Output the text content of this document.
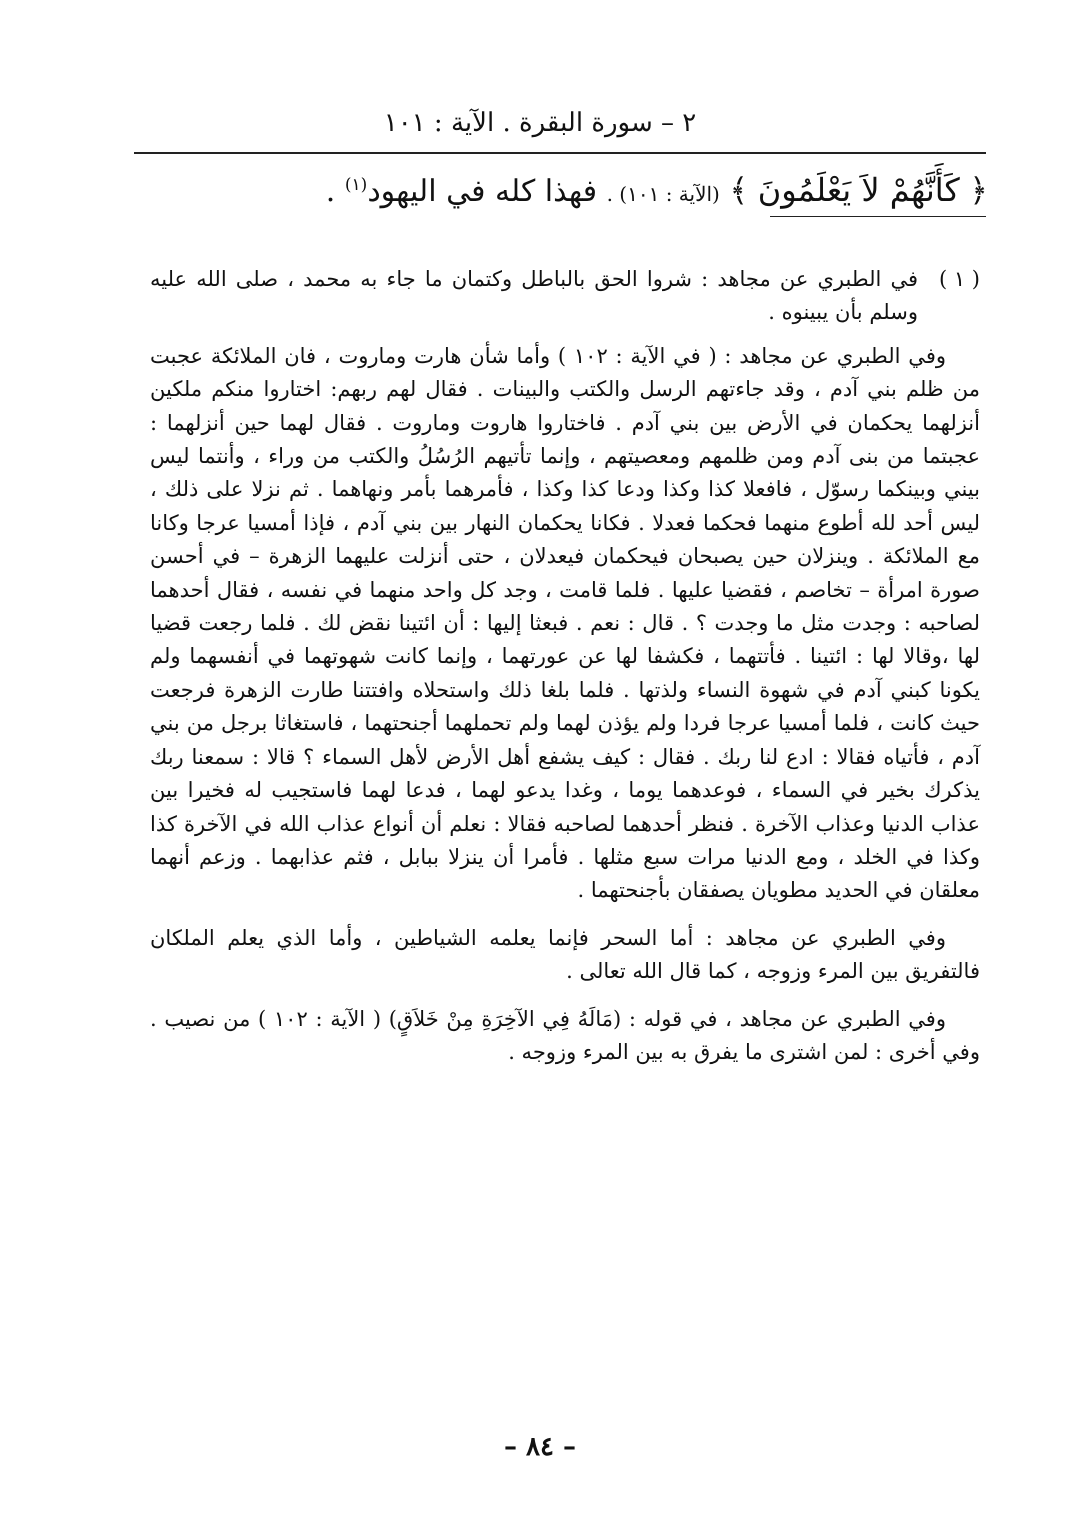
٢ – سورة البقرة . الآية : ١٠١
﴿ كَأَنَّهُمْ لاَ يَعْلَمُونَ ﴾ (الآية : ١٠١) . فهذا كله في اليهود$^{(١)}$ .

( ١ )
في الطبري عن مجاهد : شروا الحق بالباطل وكتمان ما جاء به محمد ، صلى الله عليه وسلم بأن يبينوه .

وفي الطبري عن مجاهد : ( في الآية : ١٠٢ ) وأما شأن هارت وماروت ، فان الملائكة عجبت من ظلم بني آدم ، وقد جاءتهم الرسل والكتب والبينات . فقال لهم ربهم: اختاروا منكم ملكين أنزلهما يحكمان في الأرض بين بني آدم . فاختاروا هاروت وماروت . فقال لهما حين أنزلهما : عجبتما من بنى آدم ومن ظلمهم ومعصيتهم ، وإنما تأتيهم الرُسُلُ والكتب من وراء ، وأنتما ليس بيني وبينكما رسوّل ، فافعلا كذا وكذا ودعا كذا وكذا ، فأمرهما بأمر ونهاهما . ثم نزلا على ذلك ، ليس أحد لله أطوع منهما فحكما فعدلا . فكانا يحكمان النهار بين بني آدم ، فإذا أمسيا عرجا وكانا مع الملائكة . وينزلان حين يصبحان فيحكمان فيعدلان ، حتى أنزلت عليهما الزهرة – في أحسن صورة امرأة – تخاصم ، فقضيا عليها . فلما قامت ، وجد كل واحد منهما في نفسه ، فقال أحدهما لصاحبه : وجدت مثل ما وجدت ؟ . قال : نعم . فبعثا إليها : أن ائتينا نقض لك . فلما رجعت قضيا لها ،وقالا لها : ائتينا . فأتتهما ، فكشفا لها عن عورتهما ، وإنما كانت شهوتهما في أنفسهما ولم يكونا كبني آدم في شهوة النساء ولذتها . فلما بلغا ذلك واستحلاه وافتتنا طارت الزهرة فرجعت حيث كانت ، فلما أمسيا عرجا فردا ولم يؤذن لهما ولم تحملهما أجنحتهما ، فاستغاثا برجل من بني آدم ، فأتياه فقالا : ادع لنا ربك . فقال : كيف يشفع أهل الأرض لأهل السماء ؟ قالا : سمعنا ربك يذكرك بخير في السماء ، فوعدهما يوما ، وغدا يدعو لهما ، فدعا لهما فاستجيب له فخيرا بين عذاب الدنيا وعذاب الآخرة . فنظر أحدهما لصاحبه فقالا : نعلم أن أنواع عذاب الله في الآخرة كذا وكذا في الخلد ، ومع الدنيا مرات سبع مثلها . فأمرا أن ينزلا ببابل ، فثم عذابهما . وزعم أنهما معلقان في الحديد مطويان يصفقان بأجنحتهما .

وفي الطبري عن مجاهد : أما السحر فإنما يعلمه الشياطين ، وأما الذي يعلم الملكان فالتفريق بين المرء وزوجه ، كما قال الله تعالى .

وفي الطبري عن مجاهد ، في قوله : (مَالَهُ فِي الآخِرَةِ مِنْ خَلاَقٍ) ( الآية : ١٠٢ ) من نصيب . وفي أخرى : لمن اشترى ما يفرق به بين المرء وزوجه .

– ٨٤ –
